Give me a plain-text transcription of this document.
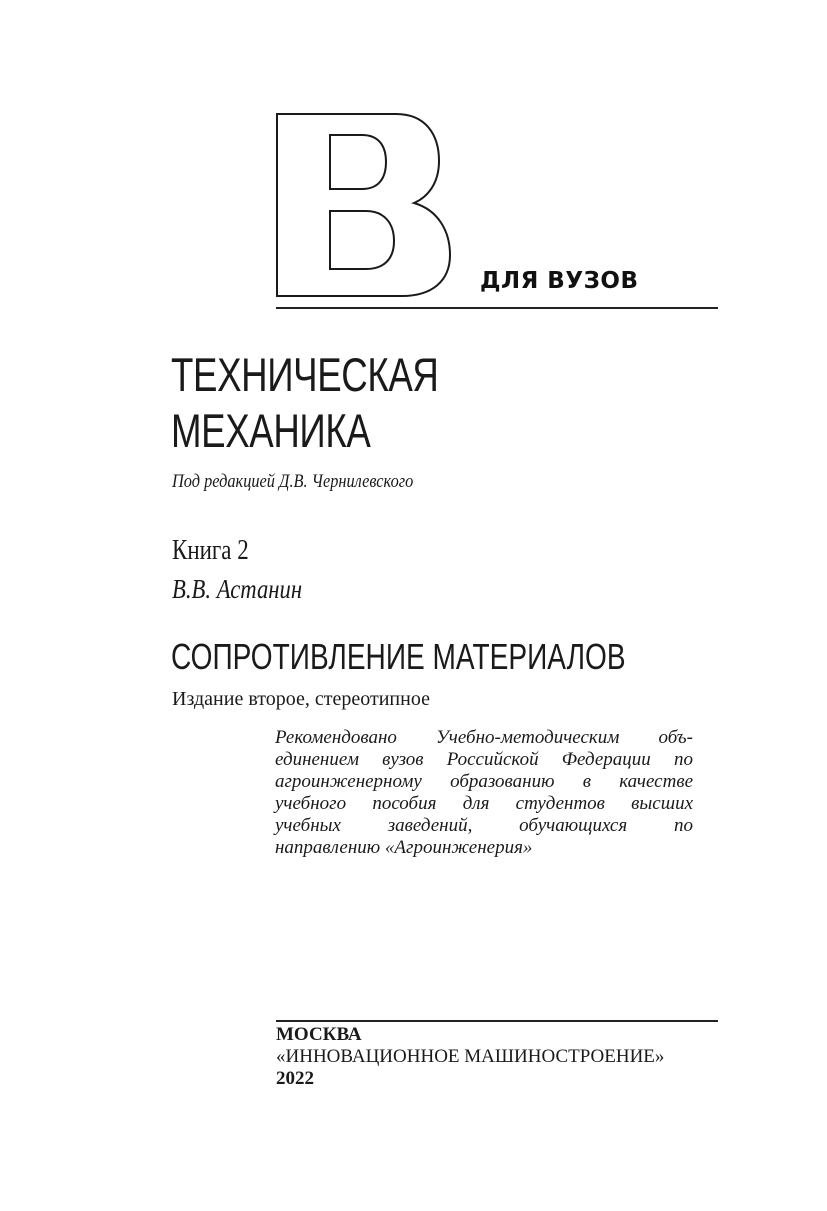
ДЛЯ ВУЗОВ
ТЕХНИЧЕСКАЯ
МЕХАНИКА
Под редакцией Д.В. Чернилевского
Книга 2
В.В. Астанин
СОПРОТИВЛЕНИЕ МАТЕРИАЛОВ
Издание второе, стереотипное
Рекомендовано Учебно-методическим объ-
единением вузов Российской Федерации по
агроинженерному образованию в качестве
учебного пособия для студентов высших
учебных заведений, обучающихся по
направлению «Агроинженерия»
МОСКВА
«ИННОВАЦИОННОЕ МАШИНОСТРОЕНИЕ»
2022
